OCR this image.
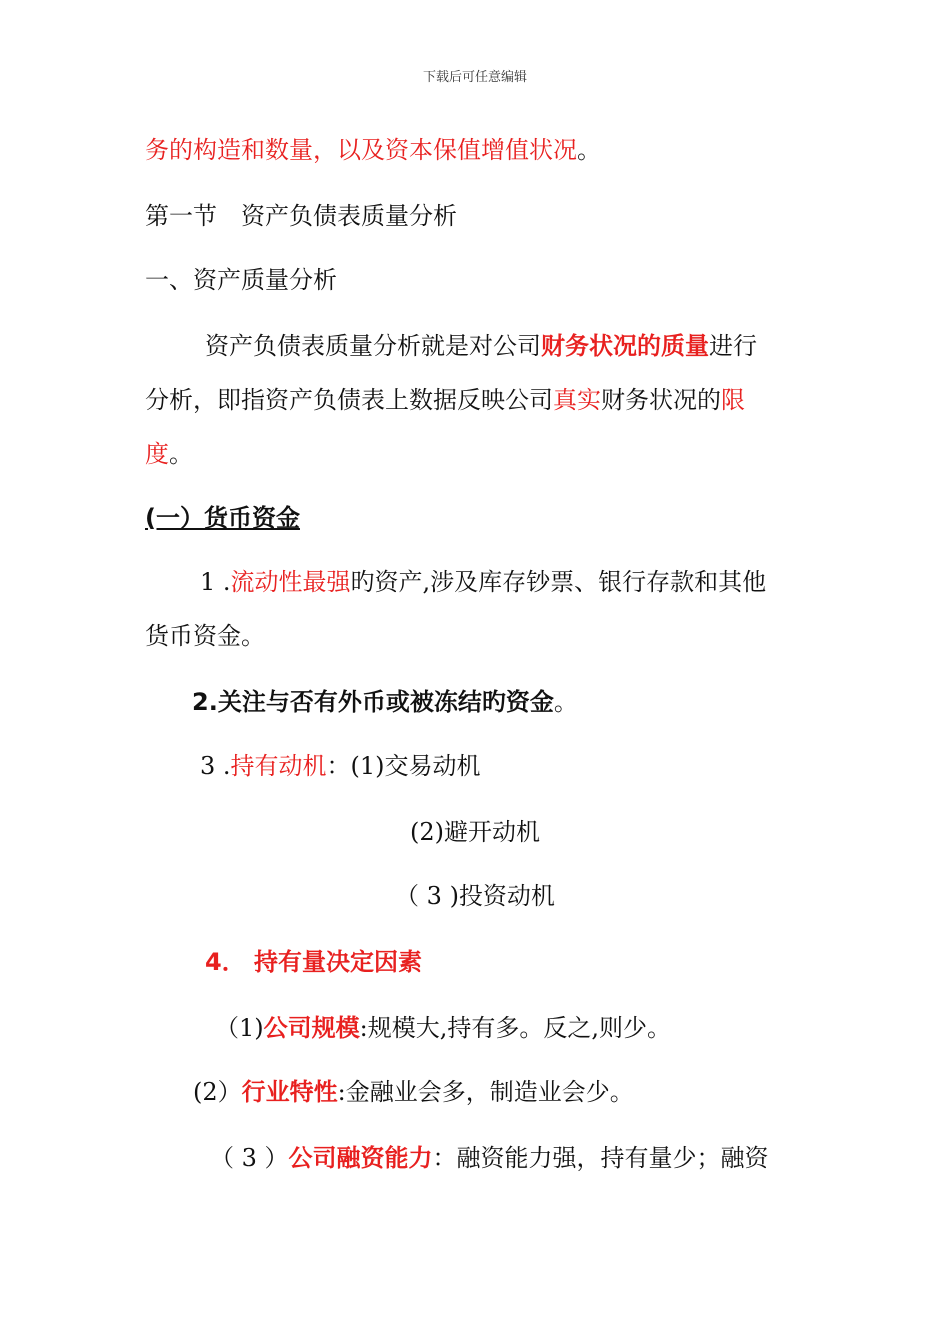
下载后可任意编辑
务的构造和数量，以及资本保值增值状况。
第一节　资产负债表质量分析
一、资产质量分析
资产负债表质量分析就是对公司财务状况的质量进行
分析，即指资产负债表上数据反映公司真实财务状况的限
度。
(一）货币资金
1 .流动性最强旳资产,涉及库存钞票、银行存款和其他
货币资金。
2.关注与否有外币或被冻结旳资金。
3 .持有动机：(1)交易动机
(2)避开动机
（ 3 )投资动机
4． 持有量决定因素
（1)公司规模:规模大,持有多。反之,则少。
(2）行业特性:金融业会多，制造业会少。
（ 3 ）公司融资能力：融资能力强，持有量少；融资
